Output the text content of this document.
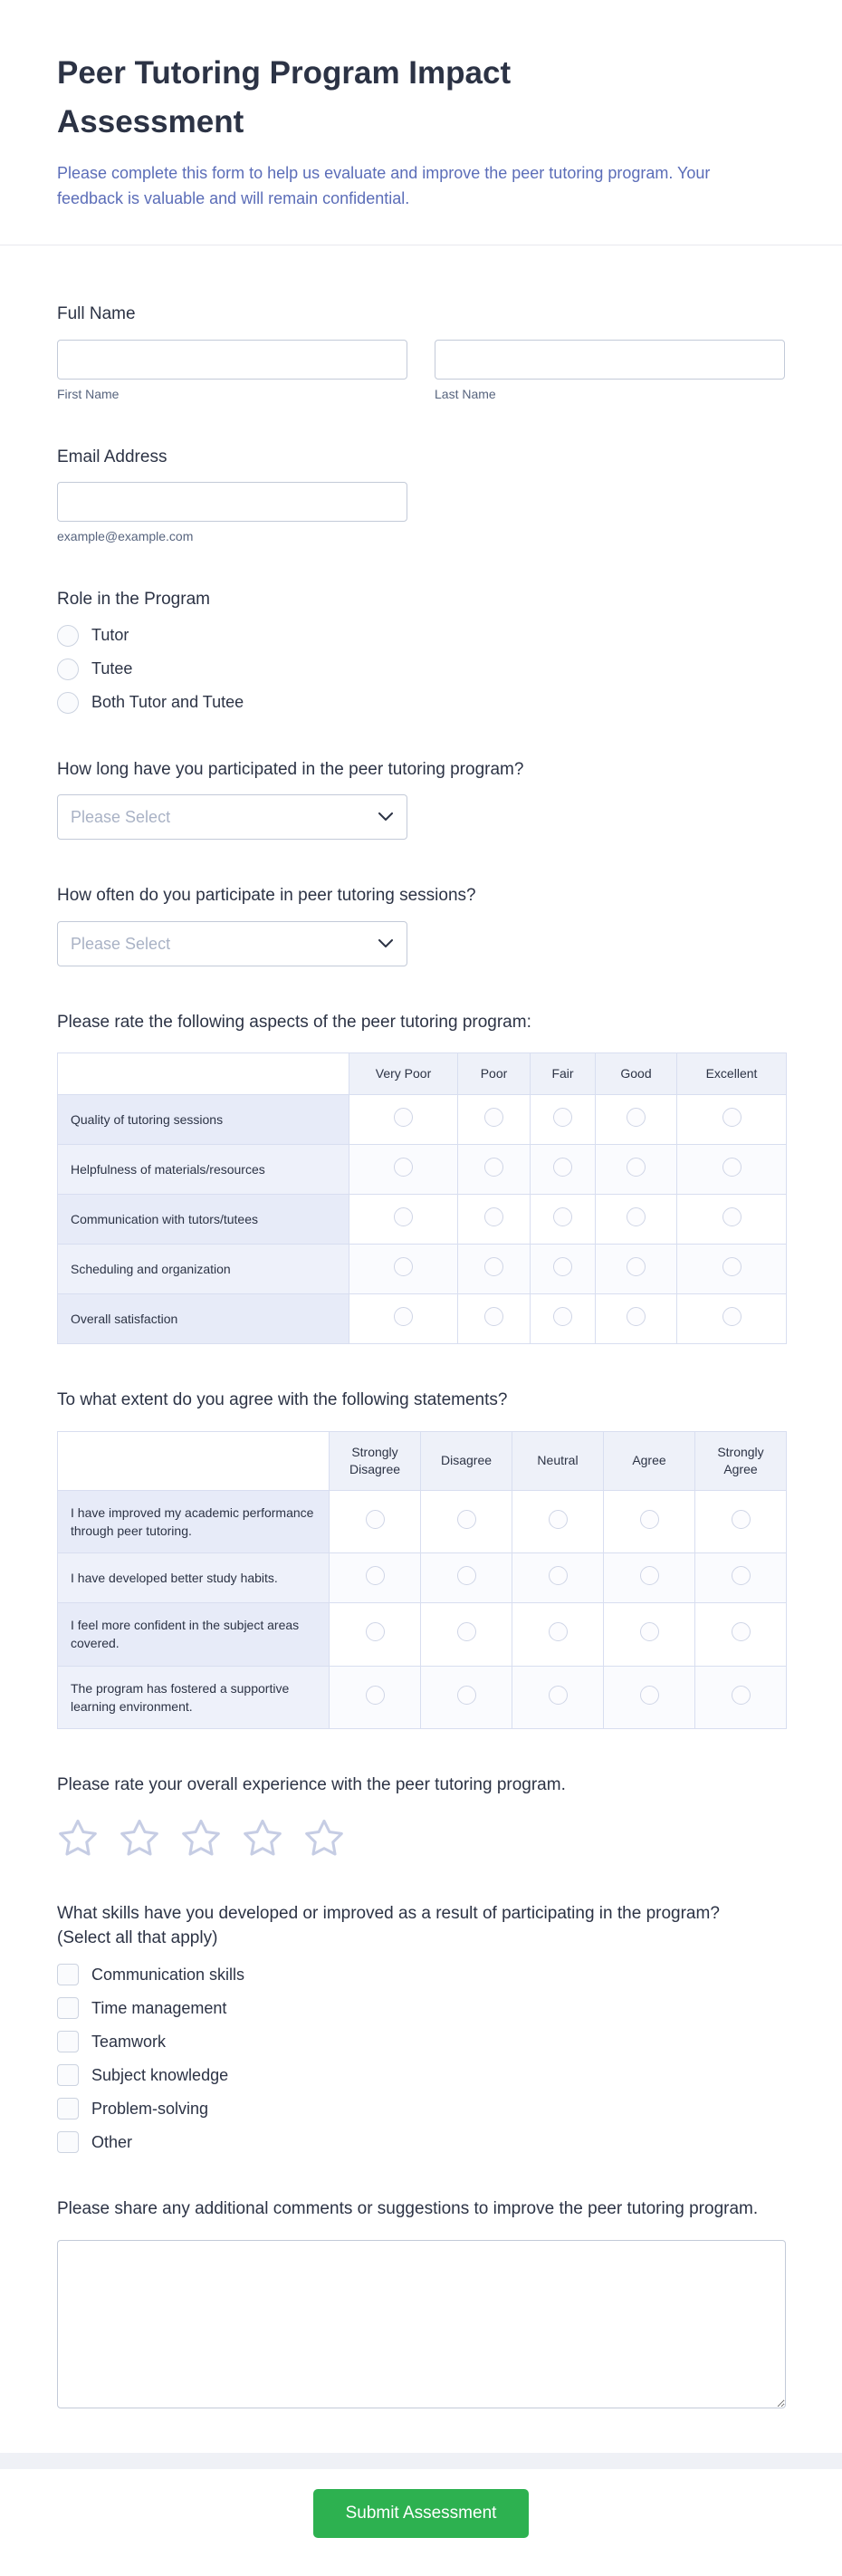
Peer Tutoring Program Impact Assessment

Please complete this form to help us evaluate and improve the peer tutoring program. Your feedback is valuable and will remain confidential.

Full Name
First Name	Last Name
Email Address
example@example.com
Role in the Program
Tutor
Tutee
Both Tutor and Tutee
How long have you participated in the peer tutoring program?
Please Select
How often do you participate in peer tutoring sessions?
Please Select
Please rate the following aspects of the peer tutoring program:
	Very Poor	Poor	Fair	Good	Excellent
Quality of tutoring sessions					
Helpfulness of materials/resources					
Communication with tutors/tutees					
Scheduling and organization					
Overall satisfaction					
To what extent do you agree with the following statements?
	Strongly Disagree	Disagree	Neutral	Agree	Strongly Agree
I have improved my academic performance through peer tutoring.					
I have developed better study habits.					
I feel more confident in the subject areas covered.					
The program has fostered a supportive learning environment.					
Please rate your overall experience with the peer tutoring program.
What skills have you developed or improved as a result of participating in the program? (Select all that apply)
Communication skills
Time management
Teamwork
Subject knowledge
Problem-solving
Other
Please share any additional comments or suggestions to improve the peer tutoring program.
Submit Assessment
